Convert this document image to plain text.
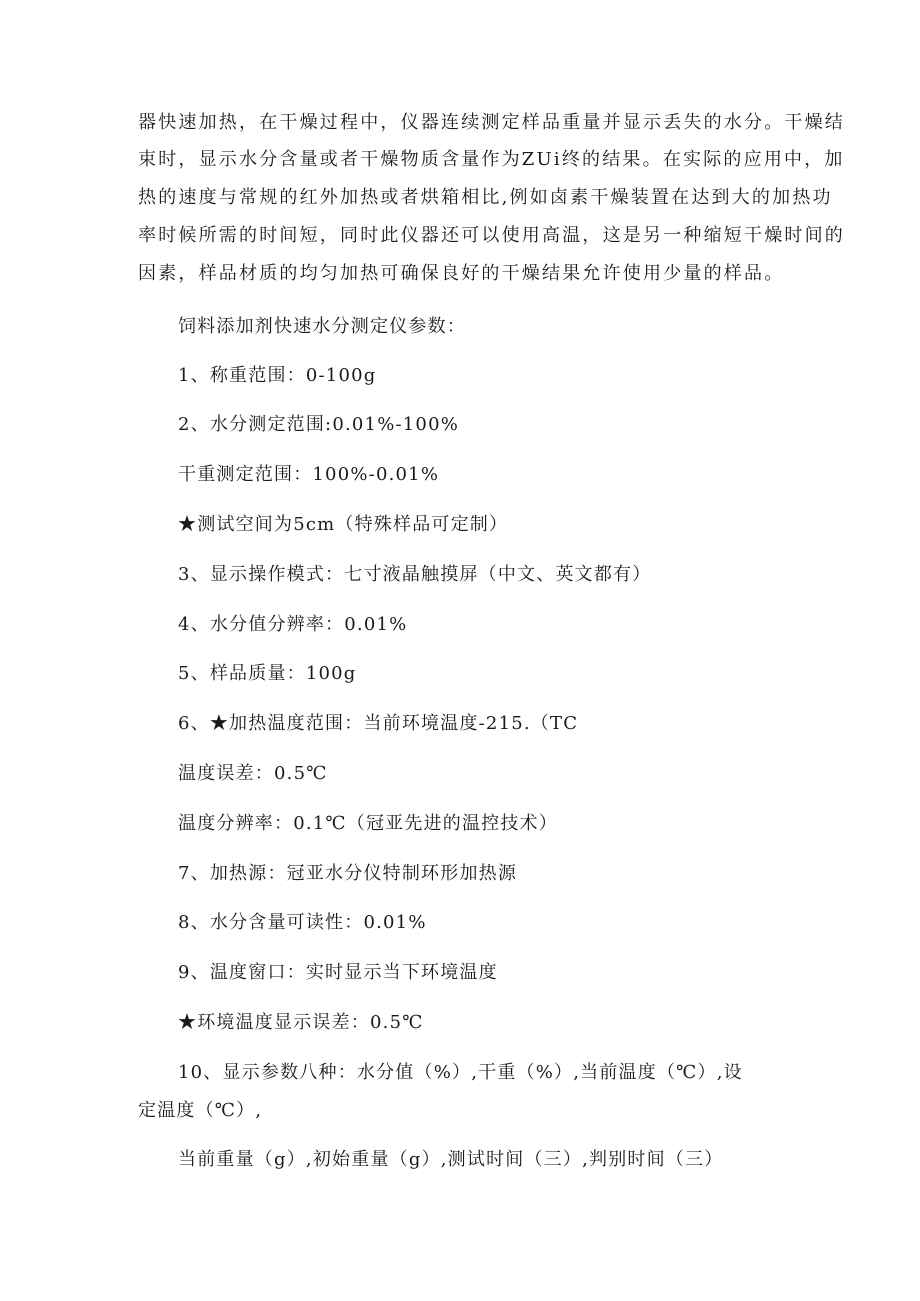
器快速加热，在干燥过程中，仪器连续测定样品重量并显示丢失的水分。干燥结
束时，显示水分含量或者干燥物质含量作为ZUi终的结果。在实际的应用中，加
热的速度与常规的红外加热或者烘箱相比,例如卤素干燥装置在达到大的加热功
率时候所需的时间短，同时此仪器还可以使用高温，这是另一种缩短干燥时间的
因素，样品材质的均匀加热可确保良好的干燥结果允许使用少量的样品。
饲料添加剂快速水分测定仪参数：
1、称重范围：0-100g
2、水分测定范围:0.01%-100%
干重测定范围：100%-0.01%
★测试空间为5cm（特殊样品可定制）
3、显示操作模式：七寸液晶触摸屏（中文、英文都有）
4、水分值分辨率：0.01%
5、样品质量：100g
6、★加热温度范围：当前环境温度-215.（TC
温度误差：0.5℃
温度分辨率：0.1℃（冠亚先进的温控技术）
7、加热源：冠亚水分仪特制环形加热源
8、水分含量可读性：0.01%
9、温度窗口：实时显示当下环境温度
★环境温度显示误差：0.5℃
10、显示参数八种：水分值（%）,干重（%）,当前温度（℃）,设
定温度（℃）,
当前重量（g）,初始重量（g）,测试时间（三）,判别时间（三）
